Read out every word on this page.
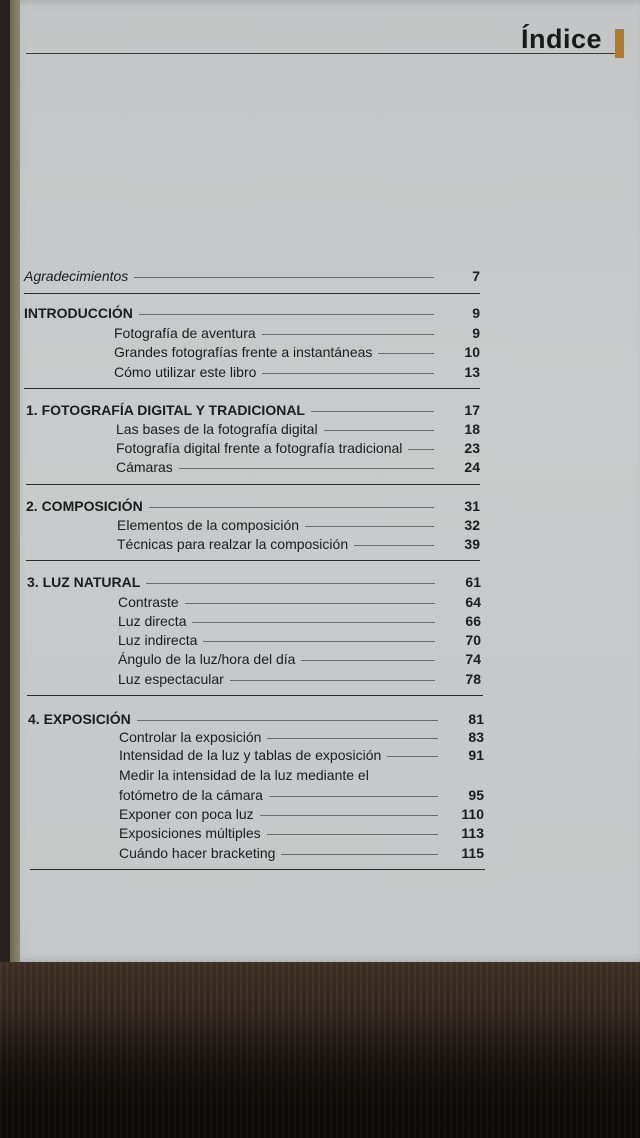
Índice
Agradecimientos	7
INTRODUCCIÓN	9
Fotografía de aventura	9
Grandes fotografías frente a instantáneas	10
Cómo utilizar este libro	13
1. FOTOGRAFÍA DIGITAL Y TRADICIONAL	17
Las bases de la fotografía digital	18
Fotografía digital frente a fotografía tradicional	23
Cámaras	24
2. COMPOSICIÓN	31
Elementos de la composición	32
Técnicas para realzar la composición	39
3. LUZ NATURAL	61
Contraste	64
Luz directa	66
Luz indirecta	70
Ángulo de la luz/hora del día	74
Luz espectacular	78
4. EXPOSICIÓN	81
Controlar la exposición	83
Intensidad de la luz y tablas de exposición	91
Medir la intensidad de la luz mediante el
fotómetro de la cámara	95
Exponer con poca luz	110
Exposiciones múltiples	113
Cuándo hacer bracketing	115
